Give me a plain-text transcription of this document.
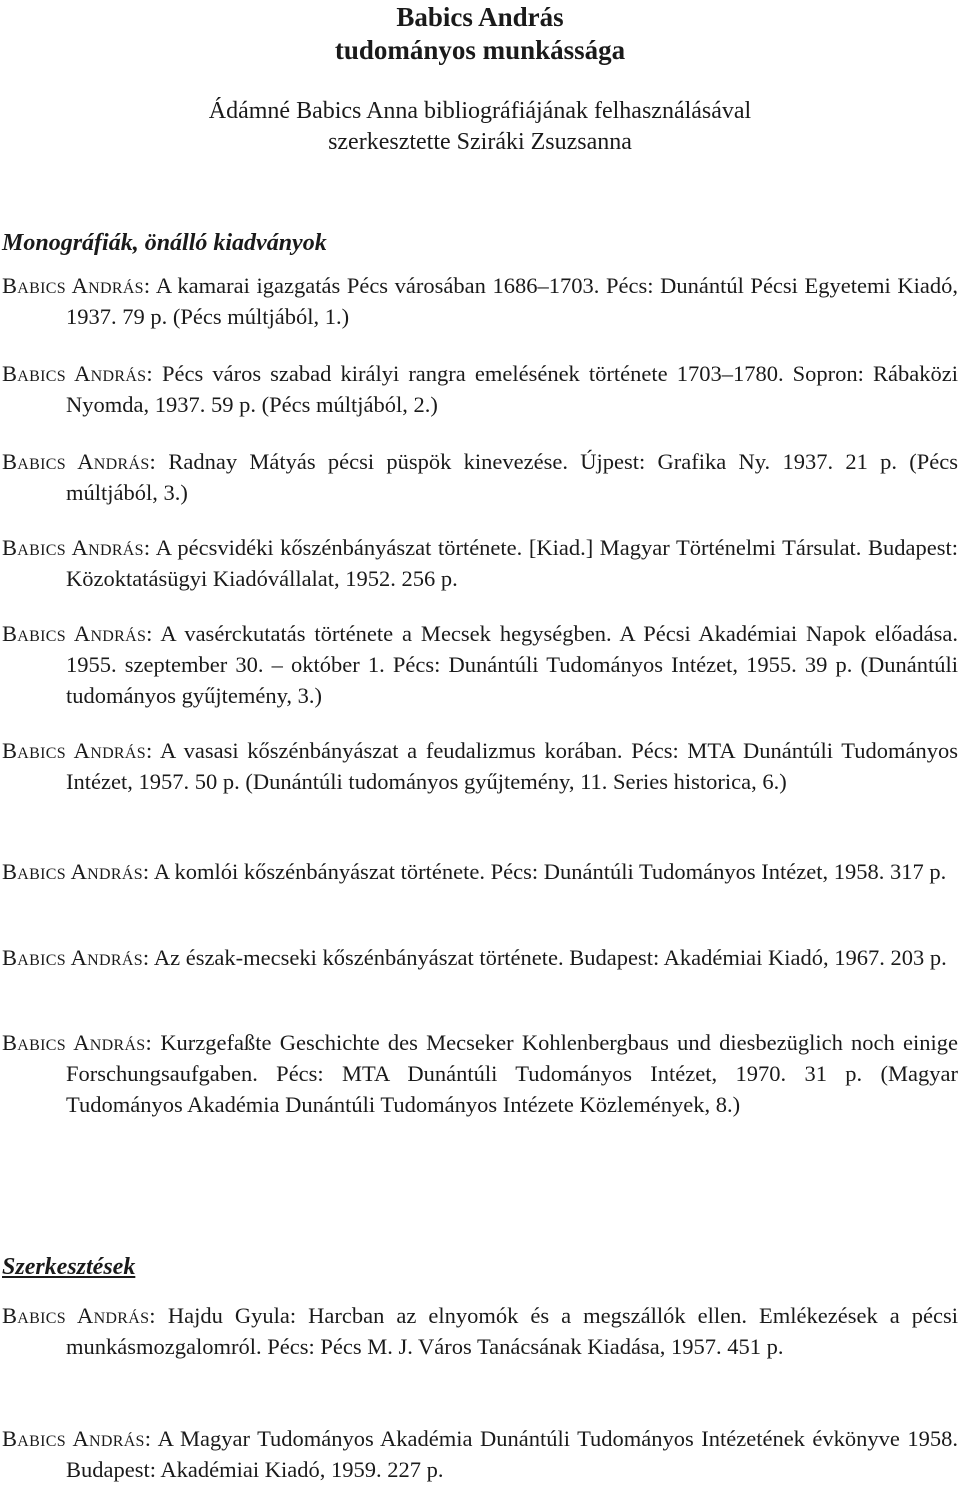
Babics András
tudományos munkássága
Ádámné Babics Anna bibliográfiájának felhasználásával
szerkesztette Sziráki Zsuzsanna
Monográfiák, önálló kiadványok

Babics András: A kamarai igazgatás Pécs városában 1686–1703. Pécs: Dunántúl Pécsi Egyetemi Kiadó, 1937. 79 p. (Pécs múltjából, 1.)

Babics András: Pécs város szabad királyi rangra emelésének története 1703–1780. Sopron: Rábaközi Nyomda, 1937. 59 p. (Pécs múltjából, 2.)

Babics András: Radnay Mátyás pécsi püspök kinevezése. Újpest: Grafika Ny. 1937. 21 p. (Pécs múltjából, 3.)

Babics András: A pécsvidéki kőszénbányászat története. [Kiad.] Magyar Történelmi Társulat. Budapest: Közoktatásügyi Kiadóvállalat, 1952. 256 p.

Babics András: A vasérckutatás története a Mecsek hegységben. A Pécsi Akadémiai Napok előadása. 1955. szeptember 30. – október 1. Pécs: Dunántúli Tudományos Intézet, 1955. 39 p. (Dunántúli tudományos gyűjtemény, 3.)

Babics András: A vasasi kőszénbányászat a feudalizmus korában. Pécs: MTA Dunántúli Tudományos Intézet, 1957. 50 p. (Dunántúli tudományos gyűjtemény, 11. Series historica, 6.)

Babics András: A komlói kőszénbányászat története. Pécs: Dunántúli Tudományos Intézet, 1958. 317 p.

Babics András: Az észak-mecseki kőszénbányászat története. Budapest: Akadémiai Kiadó, 1967. 203 p.

Babics András: Kurzgefaßte Geschichte des Mecseker Kohlenbergbaus und diesbezüglich noch einige Forschungsaufgaben. Pécs: MTA Dunántúli Tudományos Intézet, 1970. 31 p. (Magyar Tudományos Akadémia Dunántúli Tudományos Intézete Közlemények, 8.)

Szerkesztések

Babics András: Hajdu Gyula: Harcban az elnyomók és a megszállók ellen. Emlékezések a pécsi munkásmozgalomról. Pécs: Pécs M. J. Város Tanácsának Kiadása, 1957. 451 p.

Babics András: A Magyar Tudományos Akadémia Dunántúli Tudományos Intézetének évkönyve 1958. Budapest: Akadémiai Kiadó, 1959. 227 p.
